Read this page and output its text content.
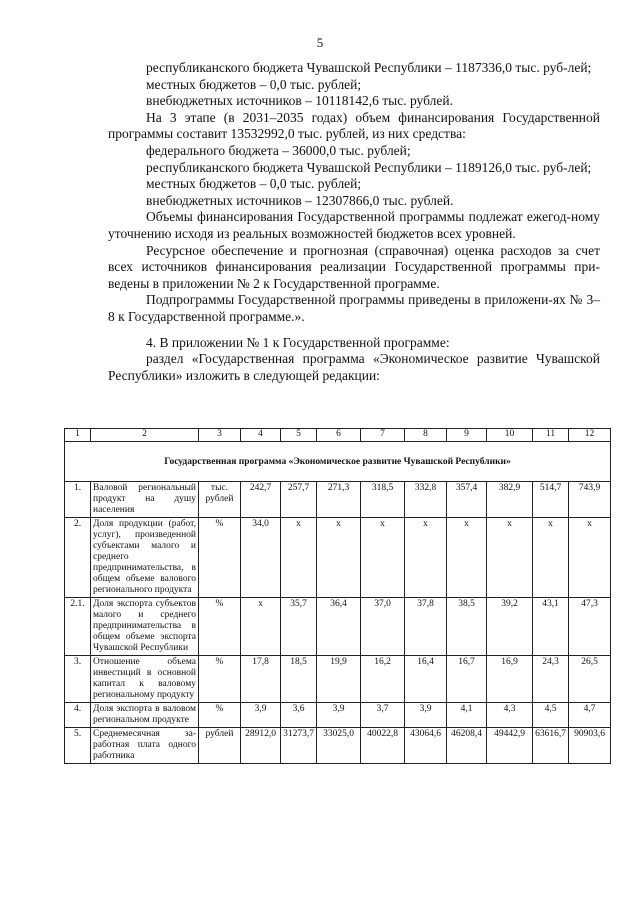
5

республиканского бюджета Чувашской Республики – 1187336,0 тыс. руб-лей;

местных бюджетов – 0,0 тыс. рублей;

внебюджетных источников – 10118142,6 тыс. рублей.

На 3 этапе (в 2031–2035 годах) объем финансирования Государственной программы составит 13532992,0 тыс. рублей, из них средства:

федерального бюджета – 36000,0 тыс. рублей;

республиканского бюджета Чувашской Республики – 1189126,0 тыс. руб-лей;

местных бюджетов – 0,0 тыс. рублей;

внебюджетных источников – 12307866,0 тыс. рублей.

Объемы финансирования Государственной программы подлежат ежегод-ному уточнению исходя из реальных возможностей бюджетов всех уровней.

Ресурсное обеспечение и прогнозная (справочная) оценка расходов за счет всех источников финансирования реализации Государственной программы при-ведены в приложении № 2 к Государственной программе.

Подпрограммы Государственной программы приведены в приложени-ях № 3–8 к Государственной программе.».

4. В приложении № 1 к Государственной программе:

раздел «Государственная программа «Экономическое развитие Чувашской Республики» изложить в следующей редакции:

1	2	3	4	5	6	7	8	9	10	11	12
Государственная программа «Экономическое развитие Чувашской Республики»											
1.	Валовой региональный продукт на душу населения	тыс. рублей	242,7	257,7	271,3	318,5	332,8	357,4	382,9	514,7	743,9
2.	Доля продукции (работ, услуг), произведенной субъектами малого и среднего предпринимательства, в общем объеме валового регионального продукта	%	34,0	х	х	х	х	х	х	х	х
2.1.	Доля экспорта субъектов малого и среднего предпринимательства в общем объеме экспорта Чувашской Республики	%	х	35,7	36,4	37,0	37,8	38,5	39,2	43,1	47,3
3.	Отношение объема инвестиций в основной капитал к валовому региональному продукту	%	17,8	18,5	19,9	16,2	16,4	16,7	16,9	24,3	26,5
4.	Доля экспорта в валовом региональном продукте	%	3,9	3,6	3,9	3,7	3,9	4,1	4,3	4,5	4,7
5.	Среднемесячная заработная плата одного работника	рублей	28912,0	31273,7	33025,0	40022,8	43064,6	46208,4	49442,9	63616,7	90903,6
